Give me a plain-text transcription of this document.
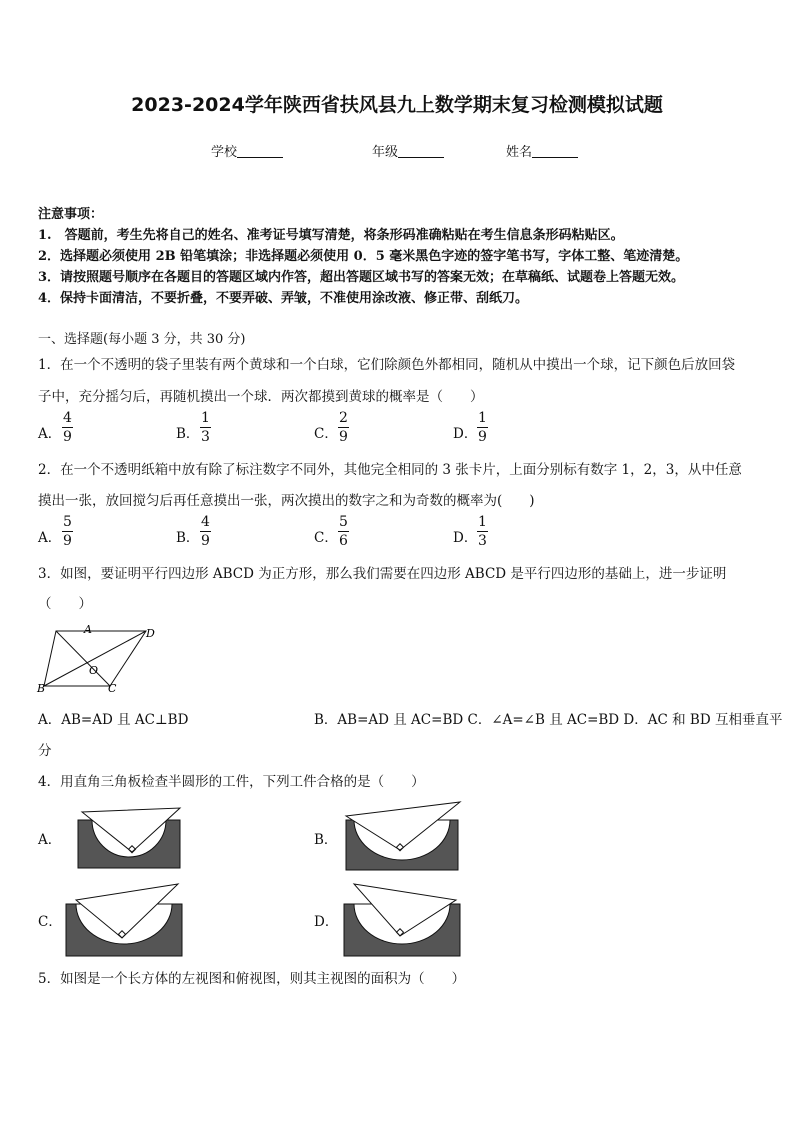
2023-2024学年陕西省扶风县九上数学期末复习检测模拟试题
学校	年级	姓名
注意事项：
1.　答题前，考生先将自己的姓名、准考证号填写清楚，将条形码准确粘贴在考生信息条形码粘贴区。
2．选择题必须使用 2B 铅笔填涂；非选择题必须使用 0．5 毫米黑色字迹的签字笔书写，字体工整、笔迹清楚。
3．请按照题号顺序在各题目的答题区域内作答，超出答题区域书写的答案无效；在草稿纸、试题卷上答题无效。
4．保持卡面清洁，不要折叠，不要弄破、弄皱，不准使用涂改液、修正带、刮纸刀。
一、选择题(每小题 3 分，共 30 分)
1．在一个不透明的袋子里装有两个黄球和一个白球，它们除颜色外都相同，随机从中摸出一个球，记下颜色后放回袋
子中，充分摇匀后，再随机摸出一个球．两次都摸到黄球的概率是（　　）
A．
4
9	B．
1
3	C．
2
9	D．
1
9
2．在一个不透明纸箱中放有除了标注数字不同外，其他完全相同的 3 张卡片，上面分别标有数字 1，2，3，从中任意
摸出一张，放回搅匀后再任意摸出一张，两次摸出的数字之和为奇数的概率为(　　)
A．
5
9	B．
4
9	C．
5
6	D．
1
3
3．如图，要证明平行四边形 ABCD 为正方形，那么我们需要在四边形 ABCD 是平行四边形的基础上，进一步证明
（　　）
A	D
O
B	C
A．AB=AD 且 AC⊥BD	B．AB=AD 且 AC=BD C．∠A=∠B 且 AC=BD D．AC 和 BD 互相垂直平
分
4．用直角三角板检查半圆形的工件，下列工件合格的是（　　）
A．	B．
C．	D．
5．如图是一个长方体的左视图和俯视图，则其主视图的面积为（　　）
